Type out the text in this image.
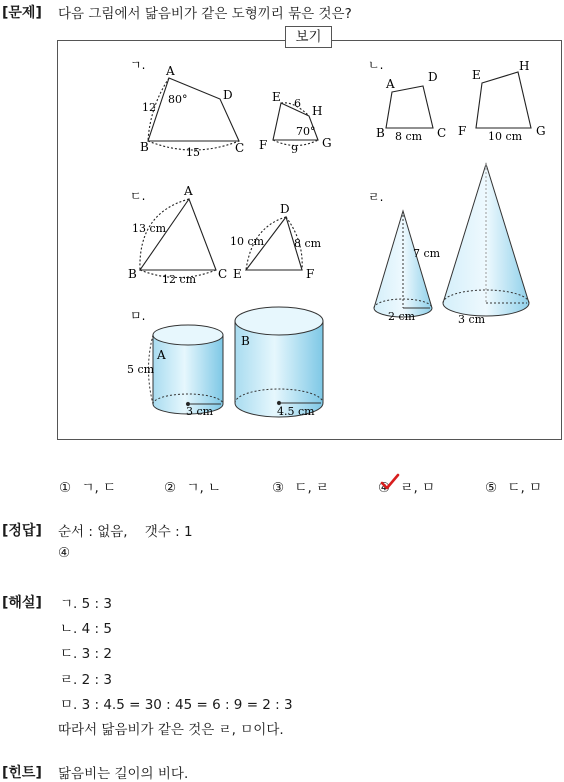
[문제] 다음 그림에서 닮음비가 같은 도형끼리 묶은 것은?
ㄱ. A
B	C
D
80°
12
15
E
F	G
H
70°
6
9
ㄴ.
A
B	C
D
8 cm
E
F	G
H
10 cm
ㄷ.	A
B	C
13 cm
12 cm
D
E	F
10 cm	8 cm
ㄹ.
7 cm
2 cm	3 cm
ㅁ.
A
5 cm
3 cm
B
4.5 cm
보기
① ㄱ, ㄷ	② ㄱ, ㄴ	③ ㄷ, ㄹ	④ ㄹ, ㅁ	⑤ ㄷ, ㅁ
[정답] 순서 : 없음,    갯수 : 1
④
[해설] ㄱ. 5 : 3
ㄴ. 4 : 5
ㄷ. 3 : 2
ㄹ. 2 : 3
ㅁ. 3 : 4.5 = 30 : 45 = 6 : 9 = 2 : 3
따라서 닮음비가 같은 것은 ㄹ, ㅁ이다.
[힌트] 닮음비는 길이의 비다.
